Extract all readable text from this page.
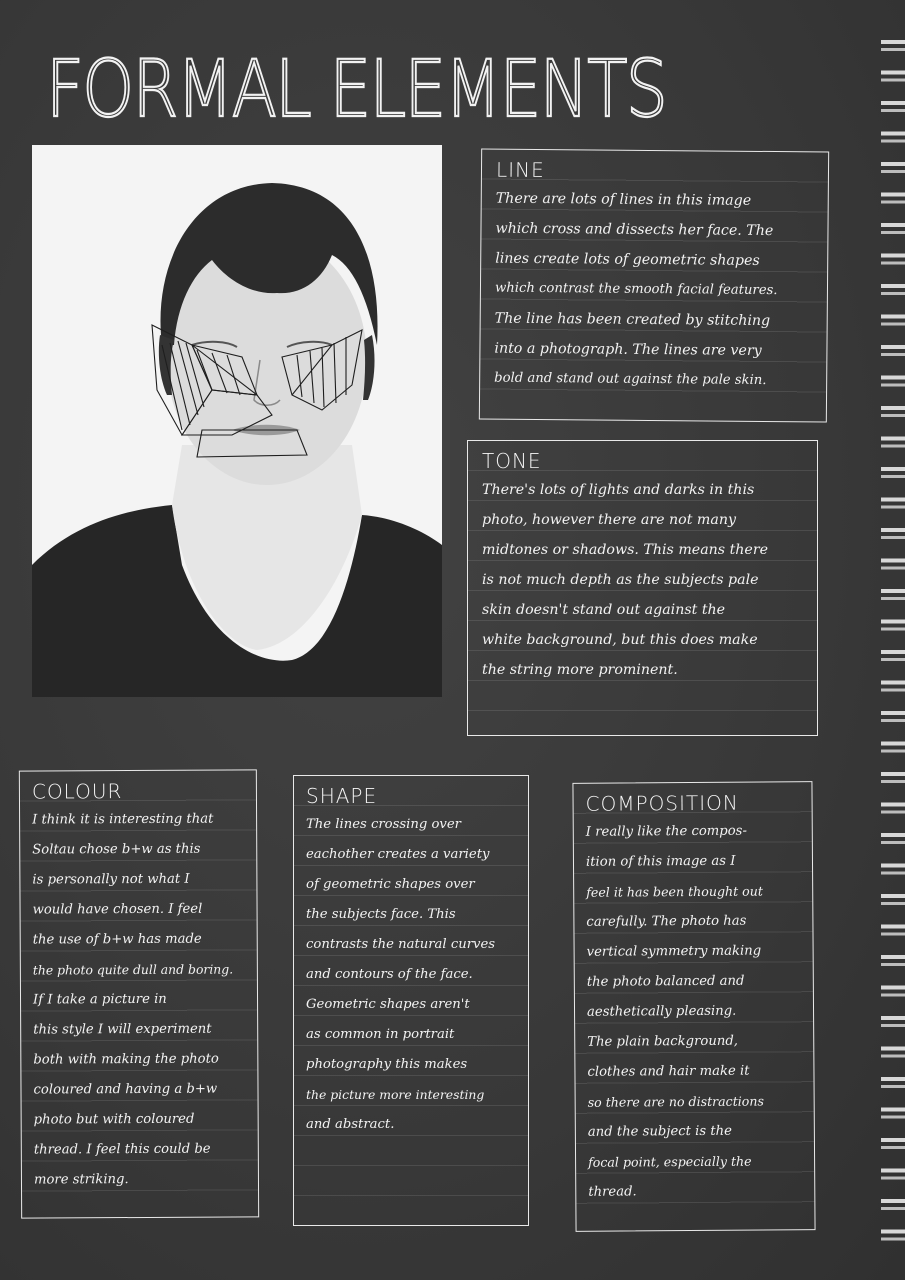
FORMAL ELEMENTS
LINE
There are lots of lines in this image
which cross and dissects her face. The
lines create lots of geometric shapes
which contrast the smooth facial features.
The line has been created by stitching
into a photograph. The lines are very
bold and stand out against the pale skin.
TONE
There's lots of lights and darks in this
photo, however there are not many
midtones or shadows. This means there
is not much depth as the subjects pale
skin doesn't stand out against the
white background, but this does make
the string more prominent.
COLOUR
I think it is interesting that
Soltau chose b+w as this
is personally not what I
would have chosen. I feel
the use of b+w has made
the photo quite dull and boring.
If I take a picture in
this style I will experiment
both with making the photo
coloured and having a b+w
photo but with coloured
thread. I feel this could be
more striking.
SHAPE
The lines crossing over
eachother creates a variety
of geometric shapes over
the subjects face. This
contrasts the natural curves
and contours of the face.
Geometric shapes aren't
as common in portrait
photography this makes
the picture more interesting
and abstract.
COMPOSITION
I really like the compos-
ition of this image as I
feel it has been thought out
carefully. The photo has
vertical symmetry making
the photo balanced and
aesthetically pleasing.
The plain background,
clothes and hair make it
so there are no distractions
and the subject is the
focal point, especially the
thread.
